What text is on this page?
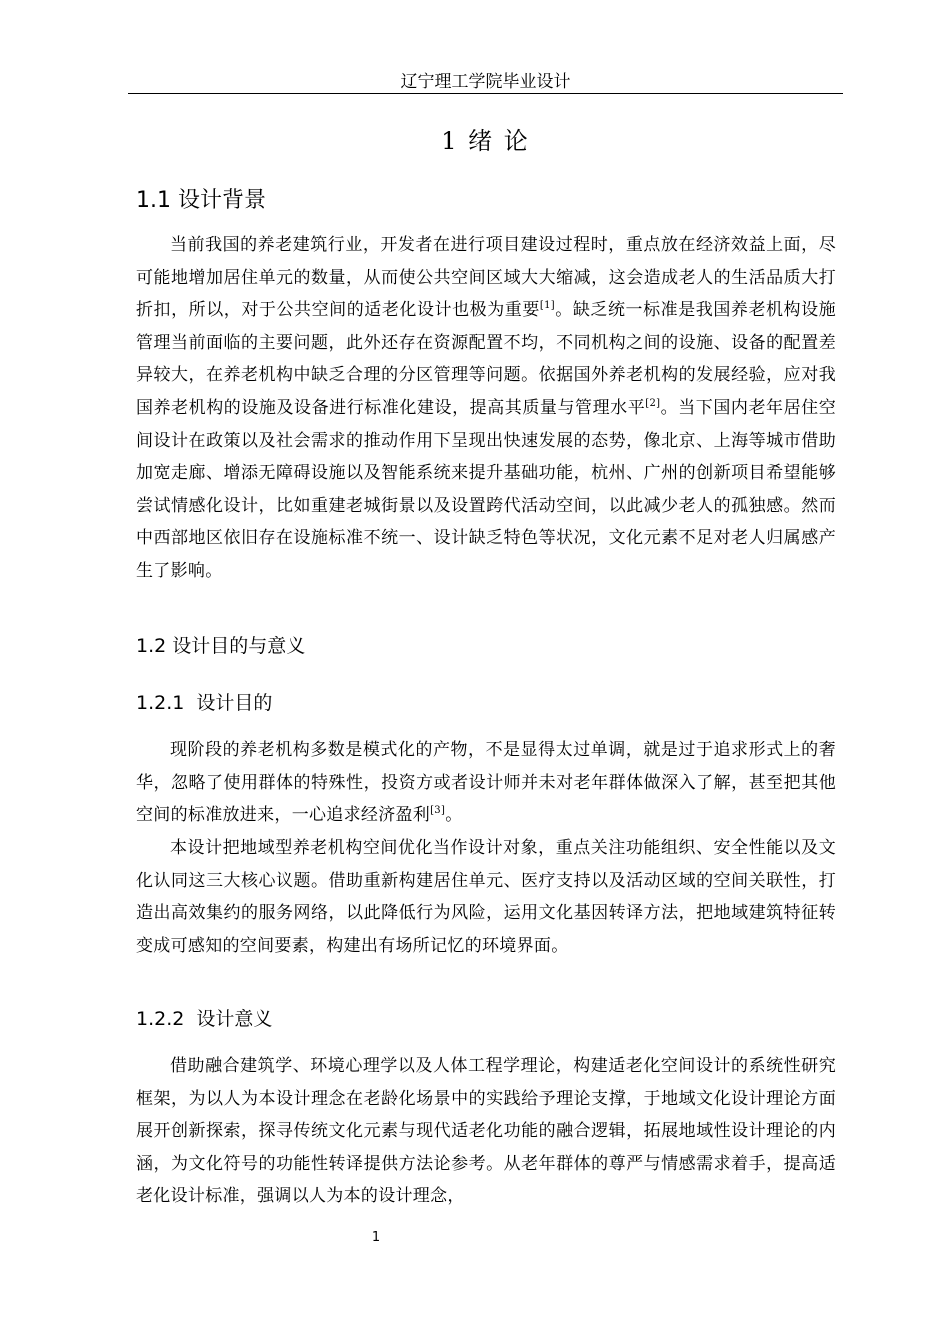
辽宁理工学院毕业设计
1 绪 论
1.1 设计背景

当前我国的养老建筑行业，开发者在进行项目建设过程时，重点放在经济效益上面，尽可能地增加居住单元的数量，从而使公共空间区域大大缩减，这会造成老人的生活品质大打折扣，所以，对于公共空间的适老化设计也极为重要[1]。缺乏统一标准是我国养老机构设施管理当前面临的主要问题，此外还存在资源配置不均，不同机构之间的设施、设备的配置差异较大，在养老机构中缺乏合理的分区管理等问题。依据国外养老机构的发展经验，应对我国养老机构的设施及设备进行标准化建设，提高其质量与管理水平[2]。当下国内老年居住空间设计在政策以及社会需求的推动作用下呈现出快速发展的态势，像北京、上海等城市借助加宽走廊、增添无障碍设施以及智能系统来提升基础功能，杭州、广州的创新项目希望能够尝试情感化设计，比如重建老城街景以及设置跨代活动空间，以此减少老人的孤独感。然而中西部地区依旧存在设施标准不统一、设计缺乏特色等状况，文化元素不足对老人归属感产生了影响。

1.2 设计目的与意义
1.2.1 设计目的

现阶段的养老机构多数是模式化的产物，不是显得太过单调，就是过于追求形式上的奢华，忽略了使用群体的特殊性，投资方或者设计师并未对老年群体做深入了解，甚至把其他空间的标准放进来，一心追求经济盈利[3]。

本设计把地域型养老机构空间优化当作设计对象，重点关注功能组织、安全性能以及文化认同这三大核心议题。借助重新构建居住单元、医疗支持以及活动区域的空间关联性，打造出高效集约的服务网络，以此降低行为风险，运用文化基因转译方法，把地域建筑特征转变成可感知的空间要素，构建出有场所记忆的环境界面。

1.2.2 设计意义

借助融合建筑学、环境心理学以及人体工程学理论，构建适老化空间设计的系统性研究框架，为以人为本设计理念在老龄化场景中的实践给予理论支撑，于地域文化设计理论方面展开创新探索，探寻传统文化元素与现代适老化功能的融合逻辑，拓展地域性设计理论的内涵，为文化符号的功能性转译提供方法论参考。从老年群体的尊严与情感需求着手，提高适老化设计标准，强调以人为本的设计理念，

1
